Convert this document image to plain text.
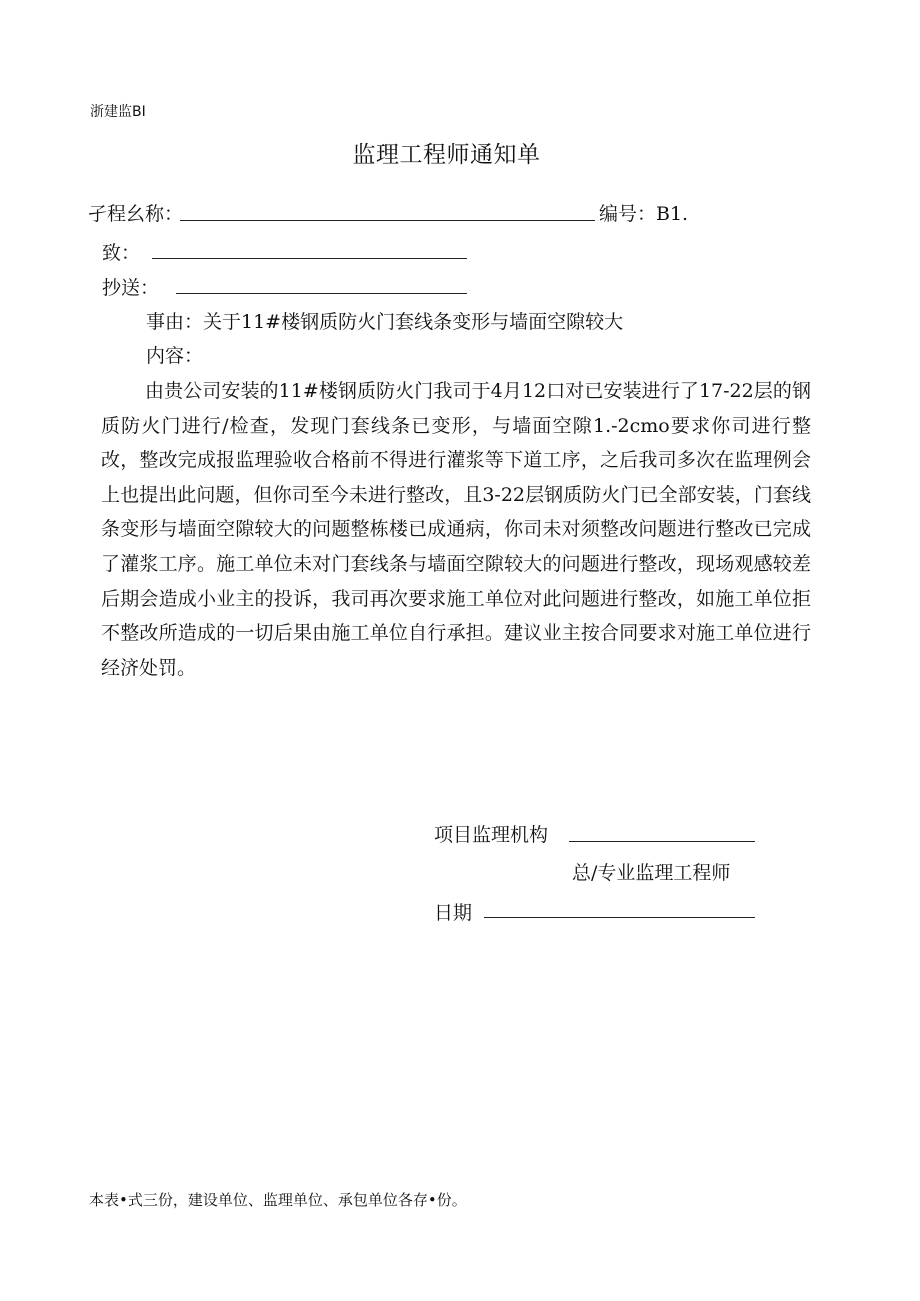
浙建监BI
监理工程师通知单
孑程幺称：	编号：B1.
致：
抄送：
事由：关于11#楼钢质防火门套线条变形与墙面空隙较大
内容：

由贵公司安装的11#楼钢质防火门我司于4月12口对已安装进行了17-22层的钢质防火门进行/检查，发现门套线条已变形，与墙面空隙1.-2cmo要求你司进行整改，整改完成报监理验收合格前不得进行灌浆等下道工序，之后我司多次在监理例会上也提出此问题，但你司至今未进行整改，且3-22层钢质防火门已全部安装，门套线条变形与墙面空隙较大的问题整栋楼已成通病，你司未对须整改问题进行整改已完成了灌浆工序。施工单位未对门套线条与墙面空隙较大的问题进行整改，现场观感较差后期会造成小业主的投诉，我司再次要求施工单位对此问题进行整改，如施工单位拒不整改所造成的一切后果由施工单位自行承担。建议业主按合同要求对施工单位进行经济处罚。

项目监理机构
总/专业监理工程师
日期
本表•式三份，建设单位、监理单位、承包单位各存•份。
